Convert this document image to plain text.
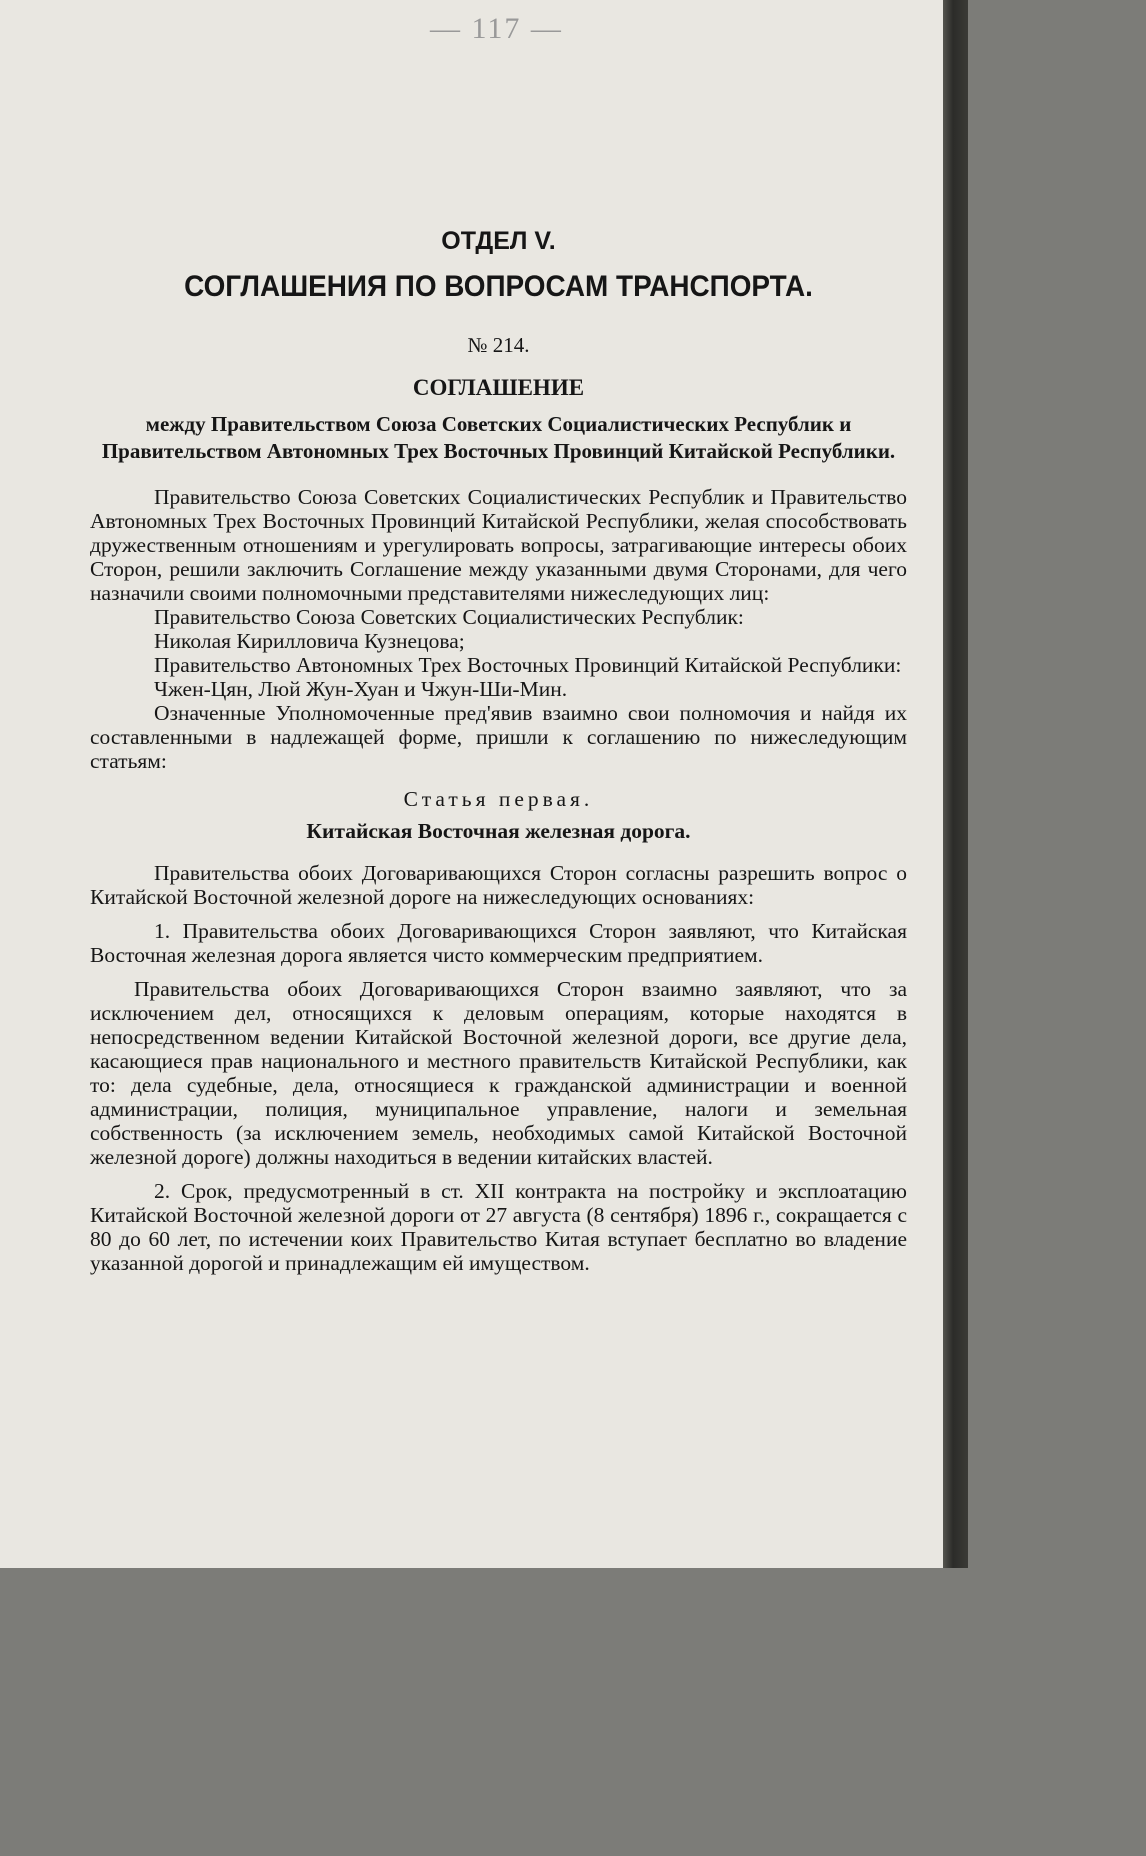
— 117 —
ОТДЕЛ V.
СОГЛАШЕНИЯ ПО ВОПРОСАМ ТРАНСПОРТА.
№ 214.
СОГЛАШЕНИЕ
между Правительством Союза Советских Социалистических Республик и Правительством Автономных Трех Восточных Провинций Китайской Республики.

Правительство Союза Советских Социалистических Республик и Правительство Автономных Трех Восточных Провинций Китайской Республики, желая способствовать дружественным отношениям и урегулировать вопросы, затрагивающие интересы обоих Сторон, решили заключить Соглашение между указанными двумя Сторонами, для чего назначили своими полномочными представителями нижеследующих лиц:

Правительство Союза Советских Социалистических Республик:

Николая Кирилловича Кузнецова;

Правительство Автономных Трех Восточных Провинций Китайской Республики:

Чжен-Цян, Люй Жун-Хуан и Чжун-Ши-Мин.

Означенные Уполномоченные пред'явив взаимно свои полномочия и найдя их составленными в надлежащей форме, пришли к соглашению по нижеследующим статьям:

Статья первая.

Китайская Восточная железная дорога.

Правительства обоих Договаривающихся Сторон согласны разрешить вопрос о Китайской Восточной железной дороге на нижеследующих основаниях:

1. Правительства обоих Договаривающихся Сторон заявляют, что Китайская Восточная железная дорога является чисто коммерческим предприятием.

Правительства обоих Договаривающихся Сторон взаимно заявляют, что за исключением дел, относящихся к деловым операциям, которые находятся в непосредственном ведении Китайской Восточной железной дороги, все другие дела, касающиеся прав национального и местного правительств Китайской Республики, как то: дела судебные, дела, относящиеся к гражданской администрации и военной администрации, полиция, муниципальное управление, налоги и земельная собственность (за исключением земель, необходимых самой Китайской Восточной железной дороге) должны находиться в ведении китайских властей.

2. Срок, предусмотренный в ст. XII контракта на постройку и эксплоатацию Китайской Восточной железной дороги от 27 августа (8 сентября) 1896 г., сокращается с 80 до 60 лет, по истечении коих Правительство Китая вступает бесплатно во владение указанной дорогой и принадлежащим ей имуществом.
